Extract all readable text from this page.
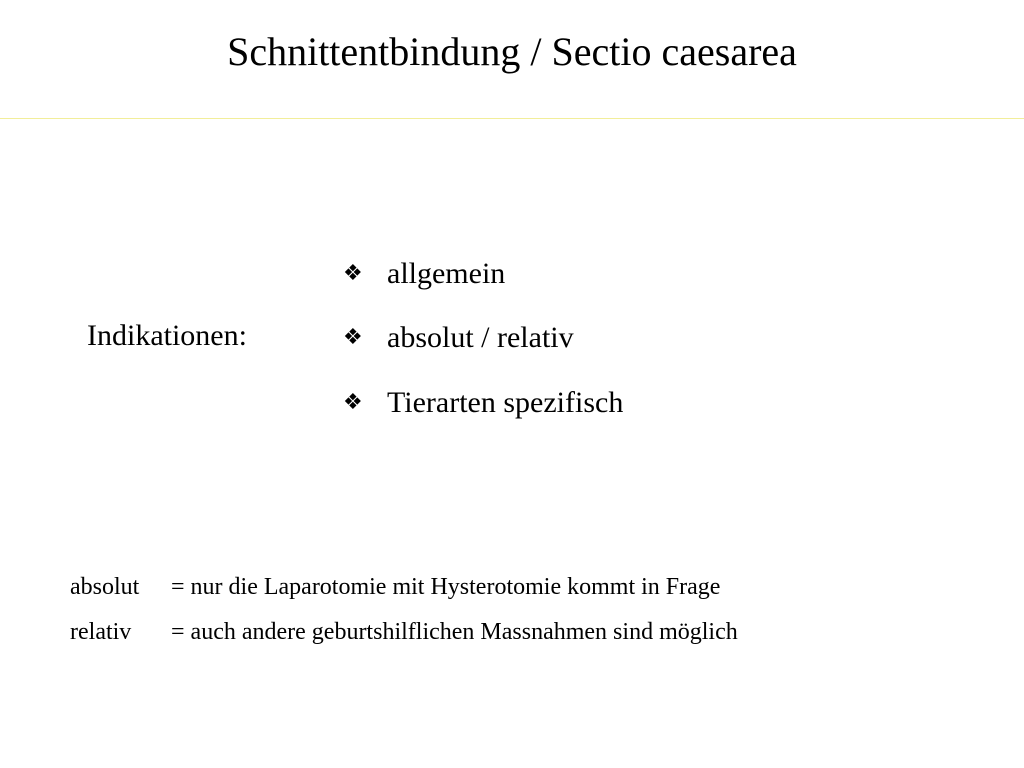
Schnittentbindung / Sectio caesarea
Indikationen:
❖ allgemein
❖ absolut / relativ
❖ Tierarten spezifisch
absolut = nur die Laparotomie mit Hysterotomie kommt in Frage
relativ = auch andere geburtshilflichen Massnahmen sind möglich
